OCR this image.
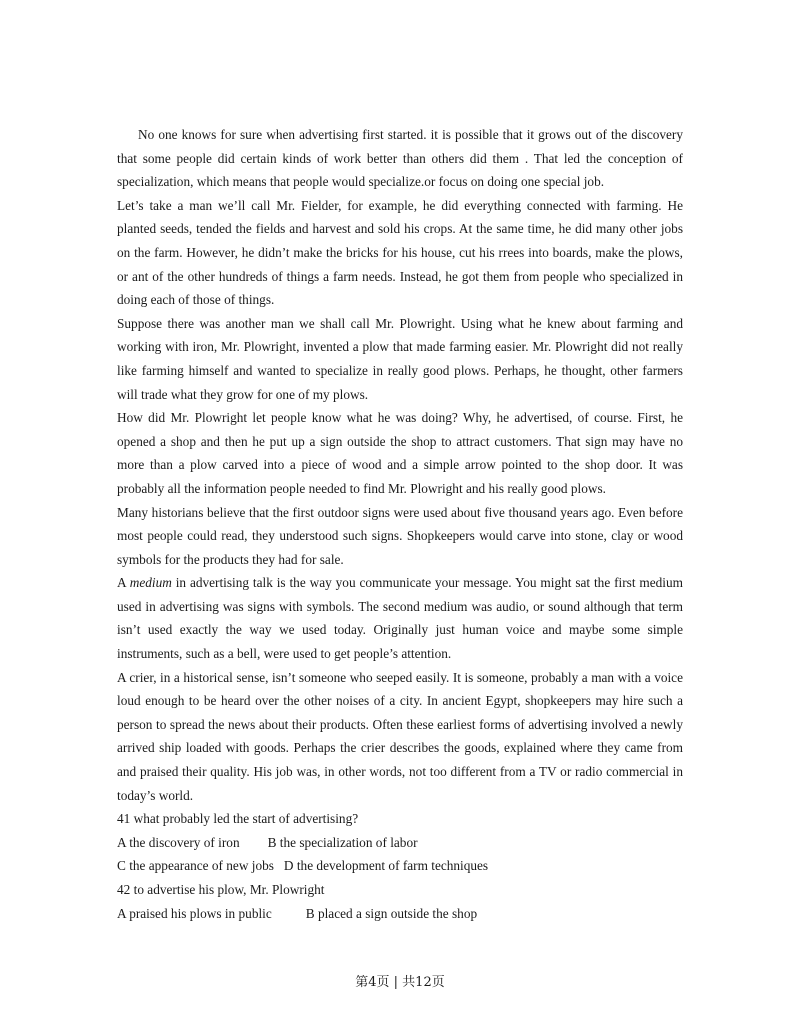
No one knows for sure when advertising first started. it is possible that it grows out of the discovery that some people did certain kinds of work better than others did them . That led the conception of specialization, which means that people would specialize.or focus on doing one special job.

Let’s take a man we’ll call Mr. Fielder, for example, he did everything connected with farming. He planted seeds, tended the fields and harvest and sold his crops. At the same time, he did many other jobs on the farm. However, he didn’t make the bricks for his house, cut his rrees into boards, make the plows, or ant of the other hundreds of things a farm needs. Instead, he got them from people who specialized in doing each of those of things.

Suppose there was another man we shall call Mr. Plowright. Using what he knew about farming and working with iron, Mr. Plowright, invented a plow that made farming easier. Mr. Plowright did not really like farming himself and wanted to specialize in really good plows. Perhaps, he thought, other farmers will trade what they grow for one of my plows.

How did Mr. Plowright let people know what he was doing? Why, he advertised, of course. First, he opened a shop and then he put up a sign outside the shop to attract customers. That sign may have no more than a plow carved into a piece of wood and a simple arrow pointed to the shop door. It was probably all the information people needed to find Mr. Plowright and his really good plows.

Many historians believe that the first outdoor signs were used about five thousand years ago. Even before most people could read, they understood such signs. Shopkeepers would carve into stone, clay or wood symbols for the products they had for sale.

A medium in advertising talk is the way you communicate your message. You might sat the first medium used in advertising was signs with symbols. The second medium was audio, or sound although that term isn’t used exactly the way we used today. Originally just human voice and maybe some simple instruments, such as a bell, were used to get people’s attention.

A crier, in a historical sense, isn’t someone who seeped easily. It is someone, probably a man with a voice loud enough to be heard over the other noises of a city. In ancient Egypt, shopkeepers may hire such a person to spread the news about their products. Often these earliest forms of advertising involved a newly arrived ship loaded with goods. Perhaps the crier describes the goods, explained where they came from and praised their quality. His job was, in other words, not too different from a TV or radio commercial in today’s world.

41 what probably led the start of advertising?

A the discovery of iron B the specialization of labor

C the appearance of new jobs D the development of farm techniques

42 to advertise his plow, Mr. Plowright

A praised his plows in public	B placed a sign outside the shop

第4页 | 共12页
